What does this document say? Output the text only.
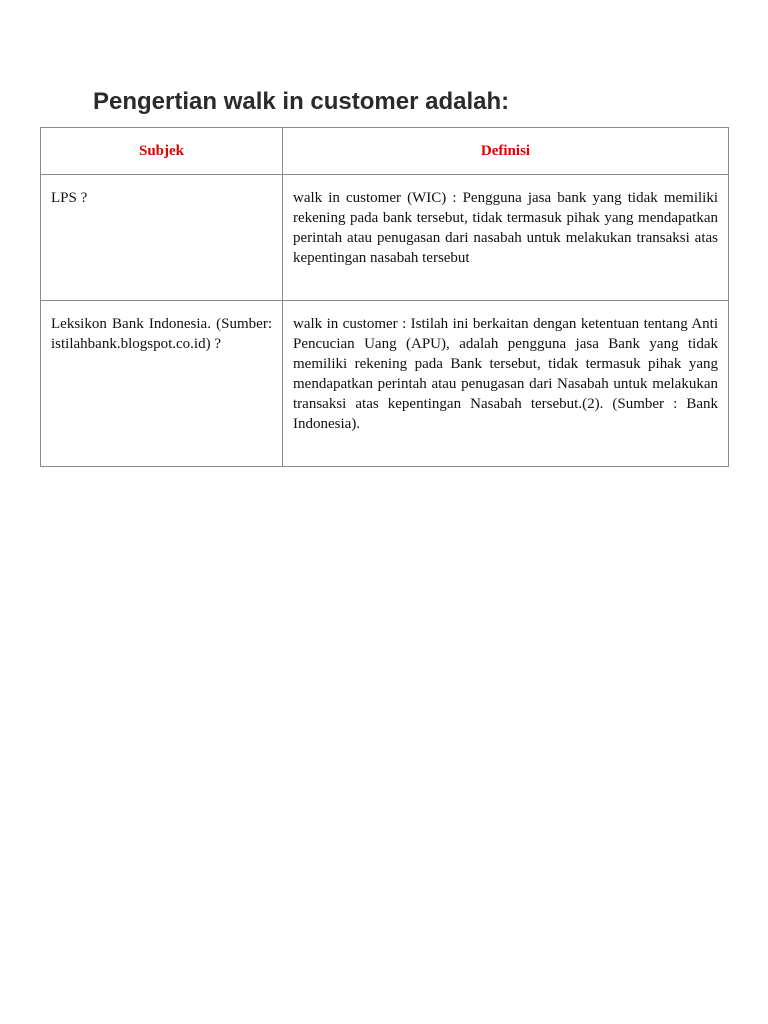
Pengertian walk in customer adalah:
Subjek	Definisi
LPS ?	walk in customer (WIC) : Pengguna jasa bank yang tidak memiliki rekening pada bank tersebut, tidak termasuk pihak yang mendapatkan perintah atau penugasan dari nasabah untuk melakukan transaksi atas kepentingan nasabah tersebut
Leksikon Bank Indonesia. (Sumber: istilahbank.blogspot.co.id) ?	walk in customer : Istilah ini berkaitan dengan ketentuan tentang Anti Pencucian Uang (APU), adalah pengguna jasa Bank yang tidak memiliki rekening pada Bank tersebut, tidak termasuk pihak yang mendapatkan perintah atau penugasan dari Nasabah untuk melakukan transaksi atas kepentingan Nasabah tersebut.(2). (Sumber : Bank Indonesia).
